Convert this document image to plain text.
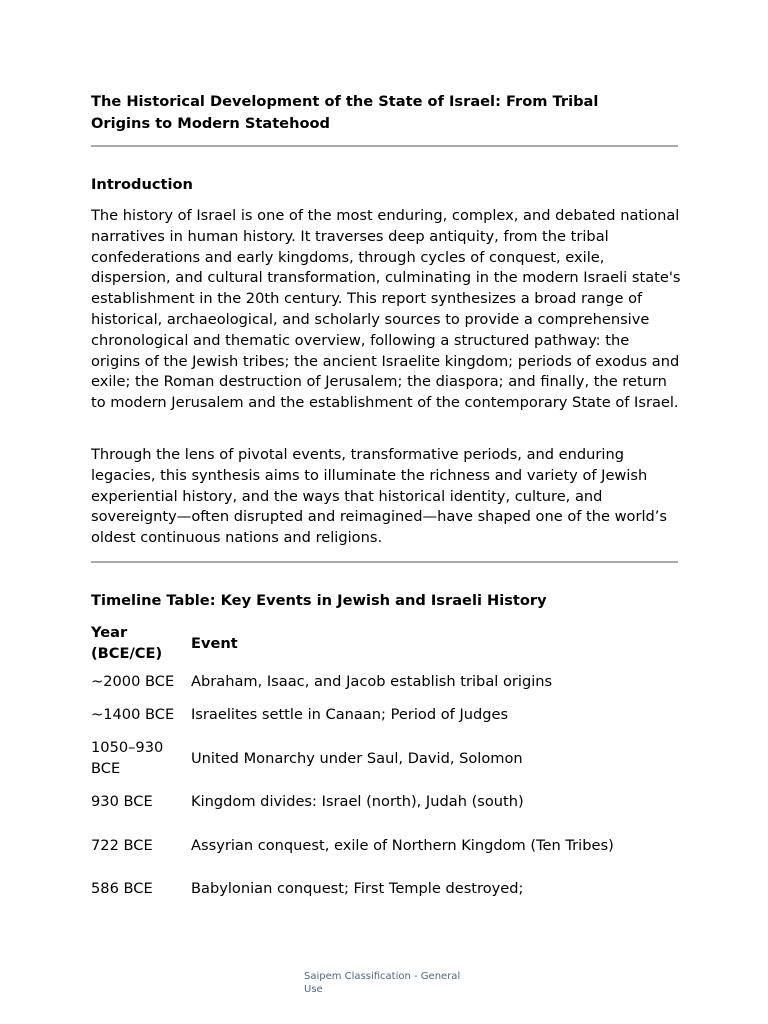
The Historical Development of the State of Israel: From Tribal Origins to Modern Statehood
Introduction

The history of Israel is one of the most enduring, complex, and debated national narratives in human history. It traverses deep antiquity, from the tribal confederations and early kingdoms, through cycles of conquest, exile, dispersion, and cultural transformation, culminating in the modern Israeli state's establishment in the 20th century. This report synthesizes a broad range of historical, archaeological, and scholarly sources to provide a comprehensive chronological and thematic overview, following a structured pathway: the origins of the Jewish tribes; the ancient Israelite kingdom; periods of exodus and exile; the Roman destruction of Jerusalem; the diaspora; and finally, the return to modern Jerusalem and the establishment of the contemporary State of Israel.

Through the lens of pivotal events, transformative periods, and enduring legacies, this synthesis aims to illuminate the richness and variety of Jewish experiential history, and the ways that historical identity, culture, and sovereignty—often disrupted and reimagined—have shaped one of the world’s oldest continuous nations and religions.

Timeline Table: Key Events in Jewish and Israeli History
Year (BCE/CE)	Event
~2000 BCE	Abraham, Isaac, and Jacob establish tribal origins
~1400 BCE	Israelites settle in Canaan; Period of Judges
1050–930 BCE	United Monarchy under Saul, David, Solomon
930 BCE	Kingdom divides: Israel (north), Judah (south)
722 BCE	Assyrian conquest, exile of Northern Kingdom (Ten Tribes)
586 BCE	Babylonian conquest; First Temple destroyed;
Saipem Classification - General Use
